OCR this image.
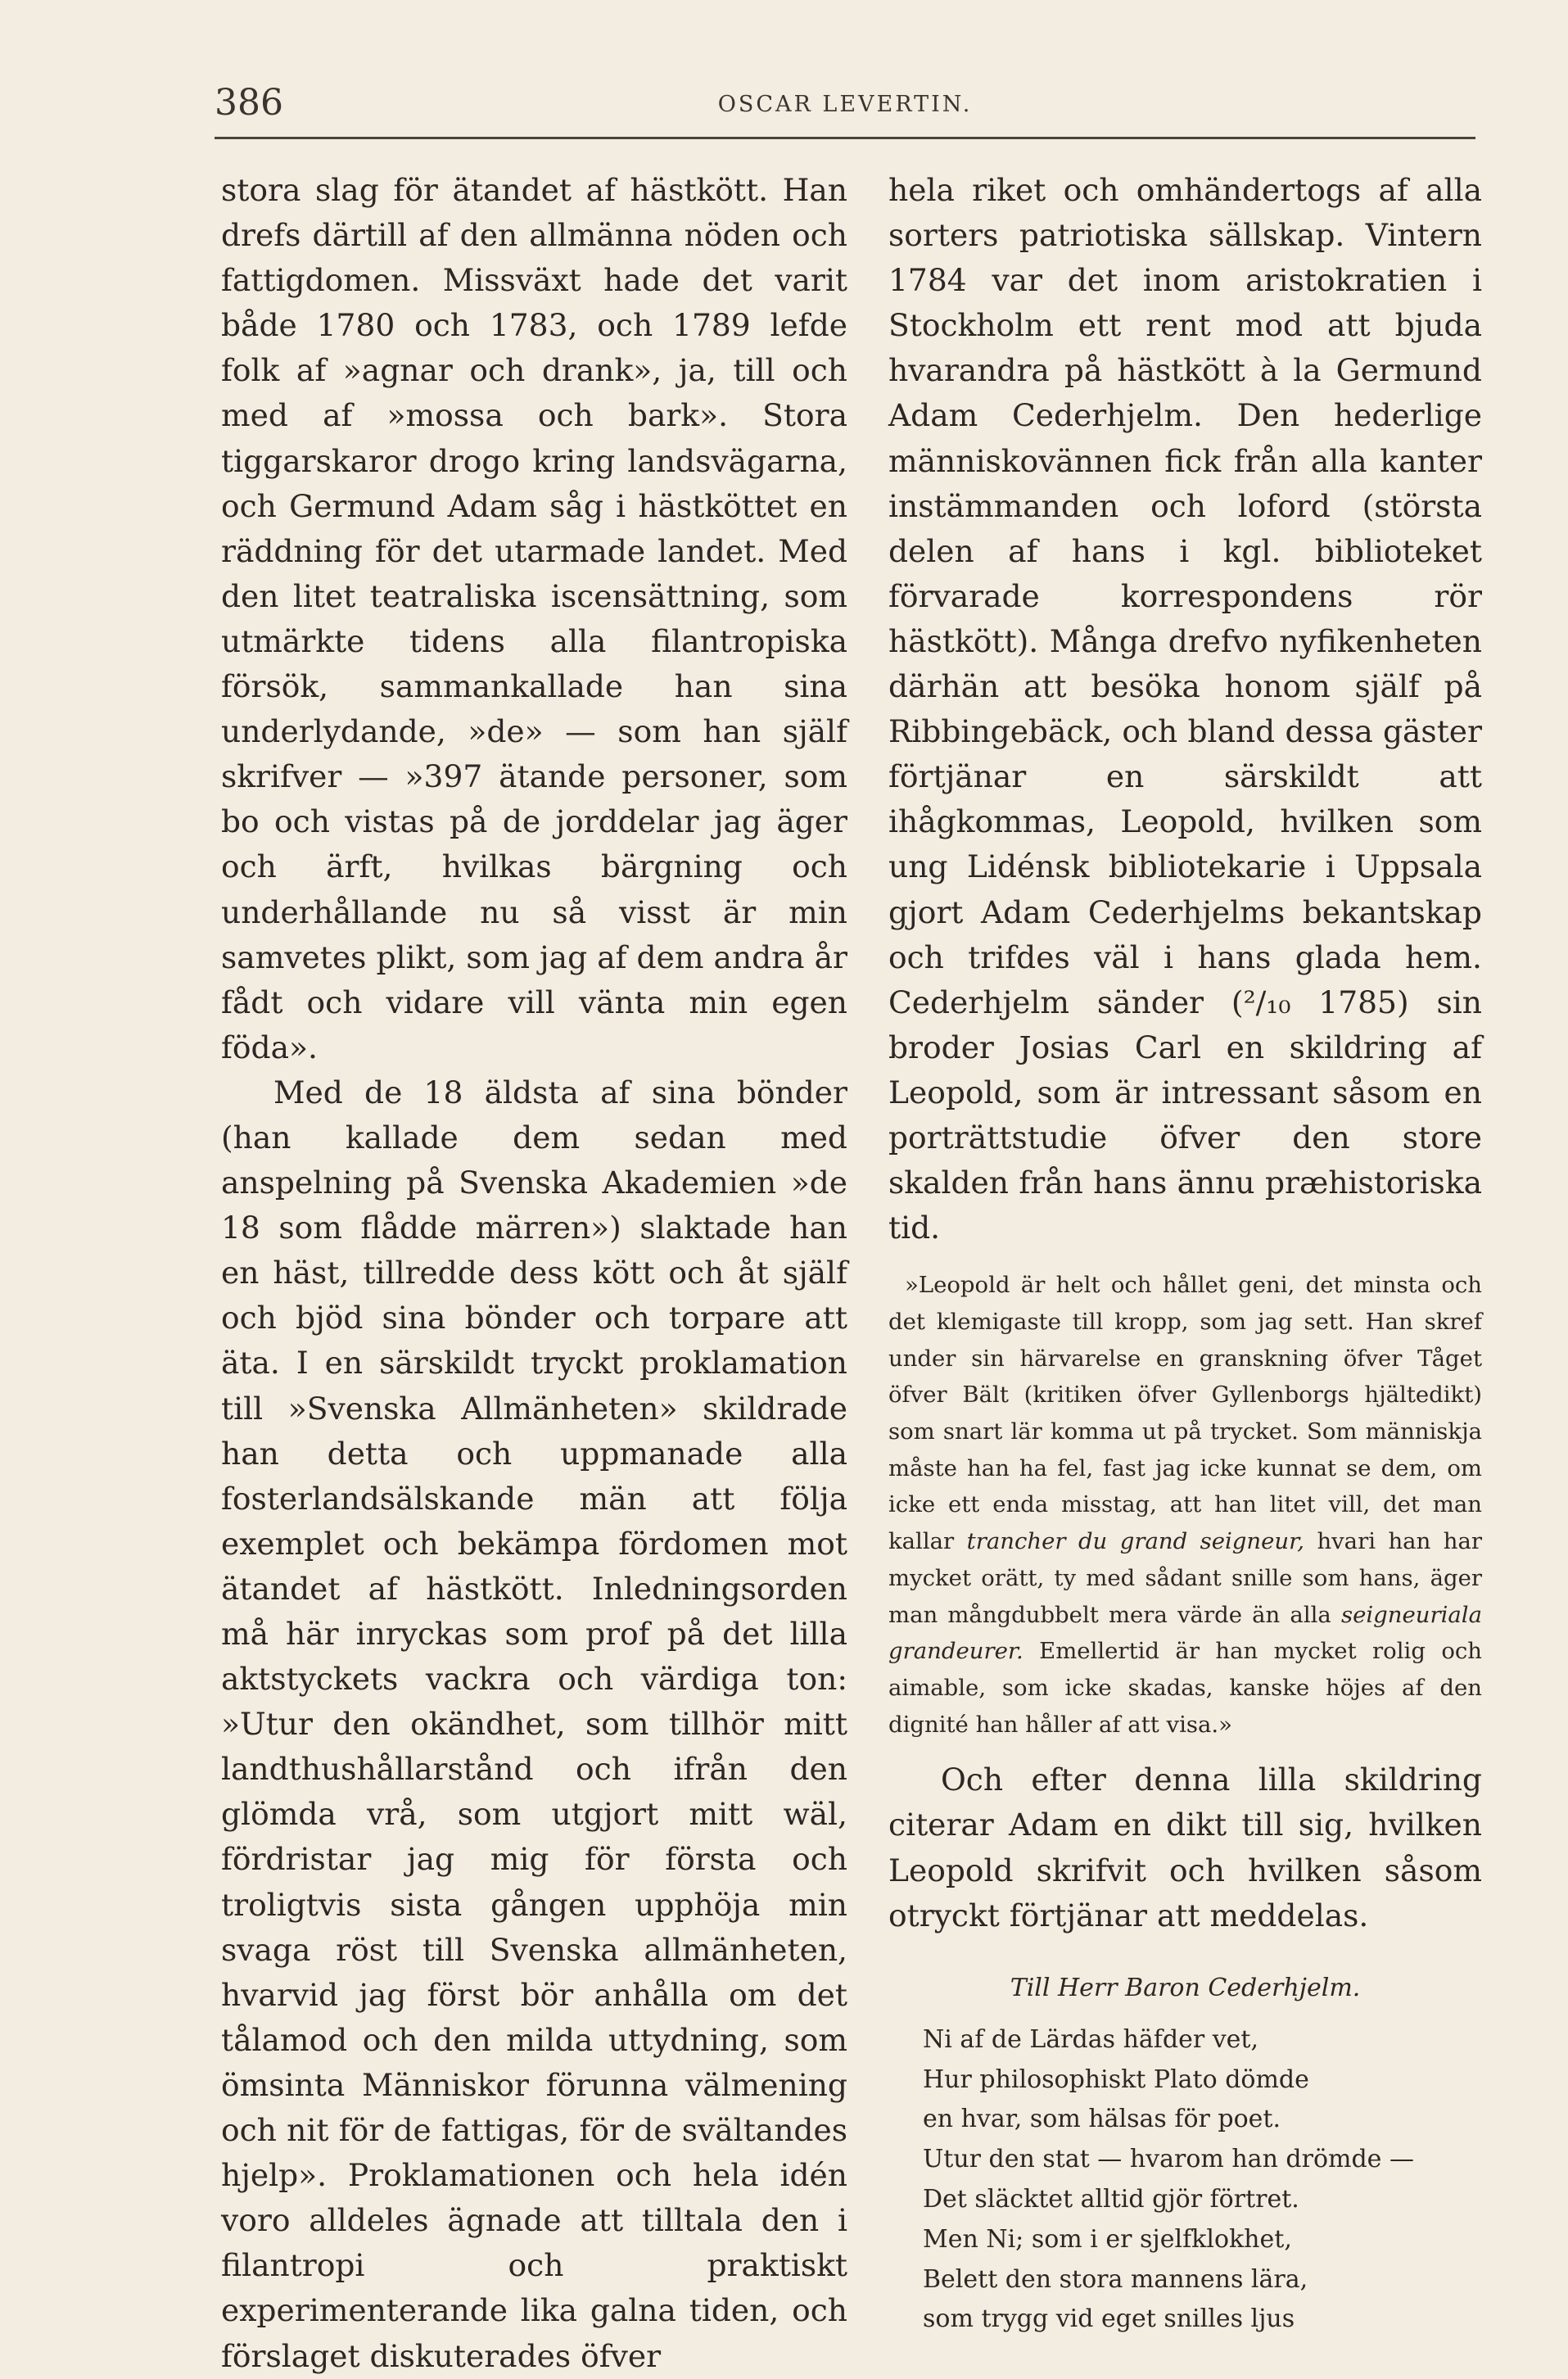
386	OSCAR LEVERTIN.

stora slag för ätandet af hästkött. Han drefs därtill af den allmänna nöden och fattigdomen. Missväxt hade det varit både 1780 och 1783, och 1789 lefde folk af »agnar och drank», ja, till och med af »mossa och bark». Stora tiggarskaror drogo kring landsvägarna, och Germund Adam såg i hästköttet en räddning för det utarmade landet. Med den litet teatraliska iscensättning, som utmärkte tidens alla filantropiska försök, sammankallade han sina underlydande, »de» — som han själf skrifver — »397 ätande personer, som bo och vistas på de jorddelar jag äger och ärft, hvilkas bärgning och underhållande nu så visst är min samvetes plikt, som jag af dem andra år fådt och vidare vill vänta min egen föda».

Med de 18 äldsta af sina bönder (han kallade dem sedan med anspelning på Svenska Akademien »de 18 som flådde märren») slaktade han en häst, tillredde dess kött och åt själf och bjöd sina bönder och torpare att äta. I en särskildt tryckt proklamation till »Svenska Allmänheten» skildrade han detta och uppmanade alla fosterlandsälskande män att följa exemplet och bekämpa fördomen mot ätandet af hästkött. Inledningsorden må här inryckas som prof på det lilla aktstyckets vackra och värdiga ton: »Utur den okändhet, som tillhör mitt landthushållarstånd och ifrån den glömda vrå, som utgjort mitt wäl, fördristar jag mig för första och troligtvis sista gången upphöja min svaga röst till Svenska allmänheten, hvarvid jag först bör anhålla om det tålamod och den milda uttydning, som ömsinta Människor förunna välmening och nit för de fattigas, för de svältandes hjelp». Proklamationen och hela idén voro alldeles ägnade att tilltala den i filantropi och praktiskt experimenterande lika galna tiden, och förslaget diskuterades öfver

hela riket och omhändertogs af alla sorters patriotiska sällskap. Vintern 1784 var det inom aristokratien i Stockholm ett rent mod att bjuda hvarandra på hästkött à la Germund Adam Cederhjelm. Den hederlige människovännen fick från alla kanter instämmanden och loford (största delen af hans i kgl. biblioteket förvarade korrespondens rör hästkött). Många drefvo nyfikenheten därhän att besöka honom själf på Ribbingebäck, och bland dessa gäster förtjänar en särskildt att ihågkommas, Leopold, hvilken som ung Lidénsk bibliotekarie i Uppsala gjort Adam Cederhjelms bekantskap och trifdes väl i hans glada hem. Cederhjelm sänder (²/₁₀ 1785) sin broder Josias Carl en skildring af Leopold, som är intressant såsom en porträttstudie öfver den store skalden från hans ännu præhistoriska tid.

»Leopold är helt och hållet geni, det minsta och det klemigaste till kropp, som jag sett. Han skref under sin härvarelse en granskning öfver Tåget öfver Bält (kritiken öfver Gyllenborgs hjältedikt) som snart lär komma ut på trycket. Som människja måste han ha fel, fast jag icke kunnat se dem, om icke ett enda misstag, att han litet vill, det man kallar trancher du grand seigneur, hvari han har mycket orätt, ty med sådant snille som hans, äger man mångdubbelt mera värde än alla seigneuriala grandeurer. Emellertid är han mycket rolig och aimable, som icke skadas, kanske höjes af den dignité han håller af att visa.»

Och efter denna lilla skildring citerar Adam en dikt till sig, hvilken Leopold skrifvit och hvilken såsom otryckt förtjänar att meddelas.

Till Herr Baron Cederhjelm.
Ni af de Lärdas häfder vet,
Hur philosophiskt Plato dömde
en hvar, som hälsas för poet.
Utur den stat — hvarom han drömde —
Det släcktet alltid gjör förtret.
Men Ni; som i er sjelfklokhet,
Belett den stora mannens lära,
som trygg vid eget snilles ljus
